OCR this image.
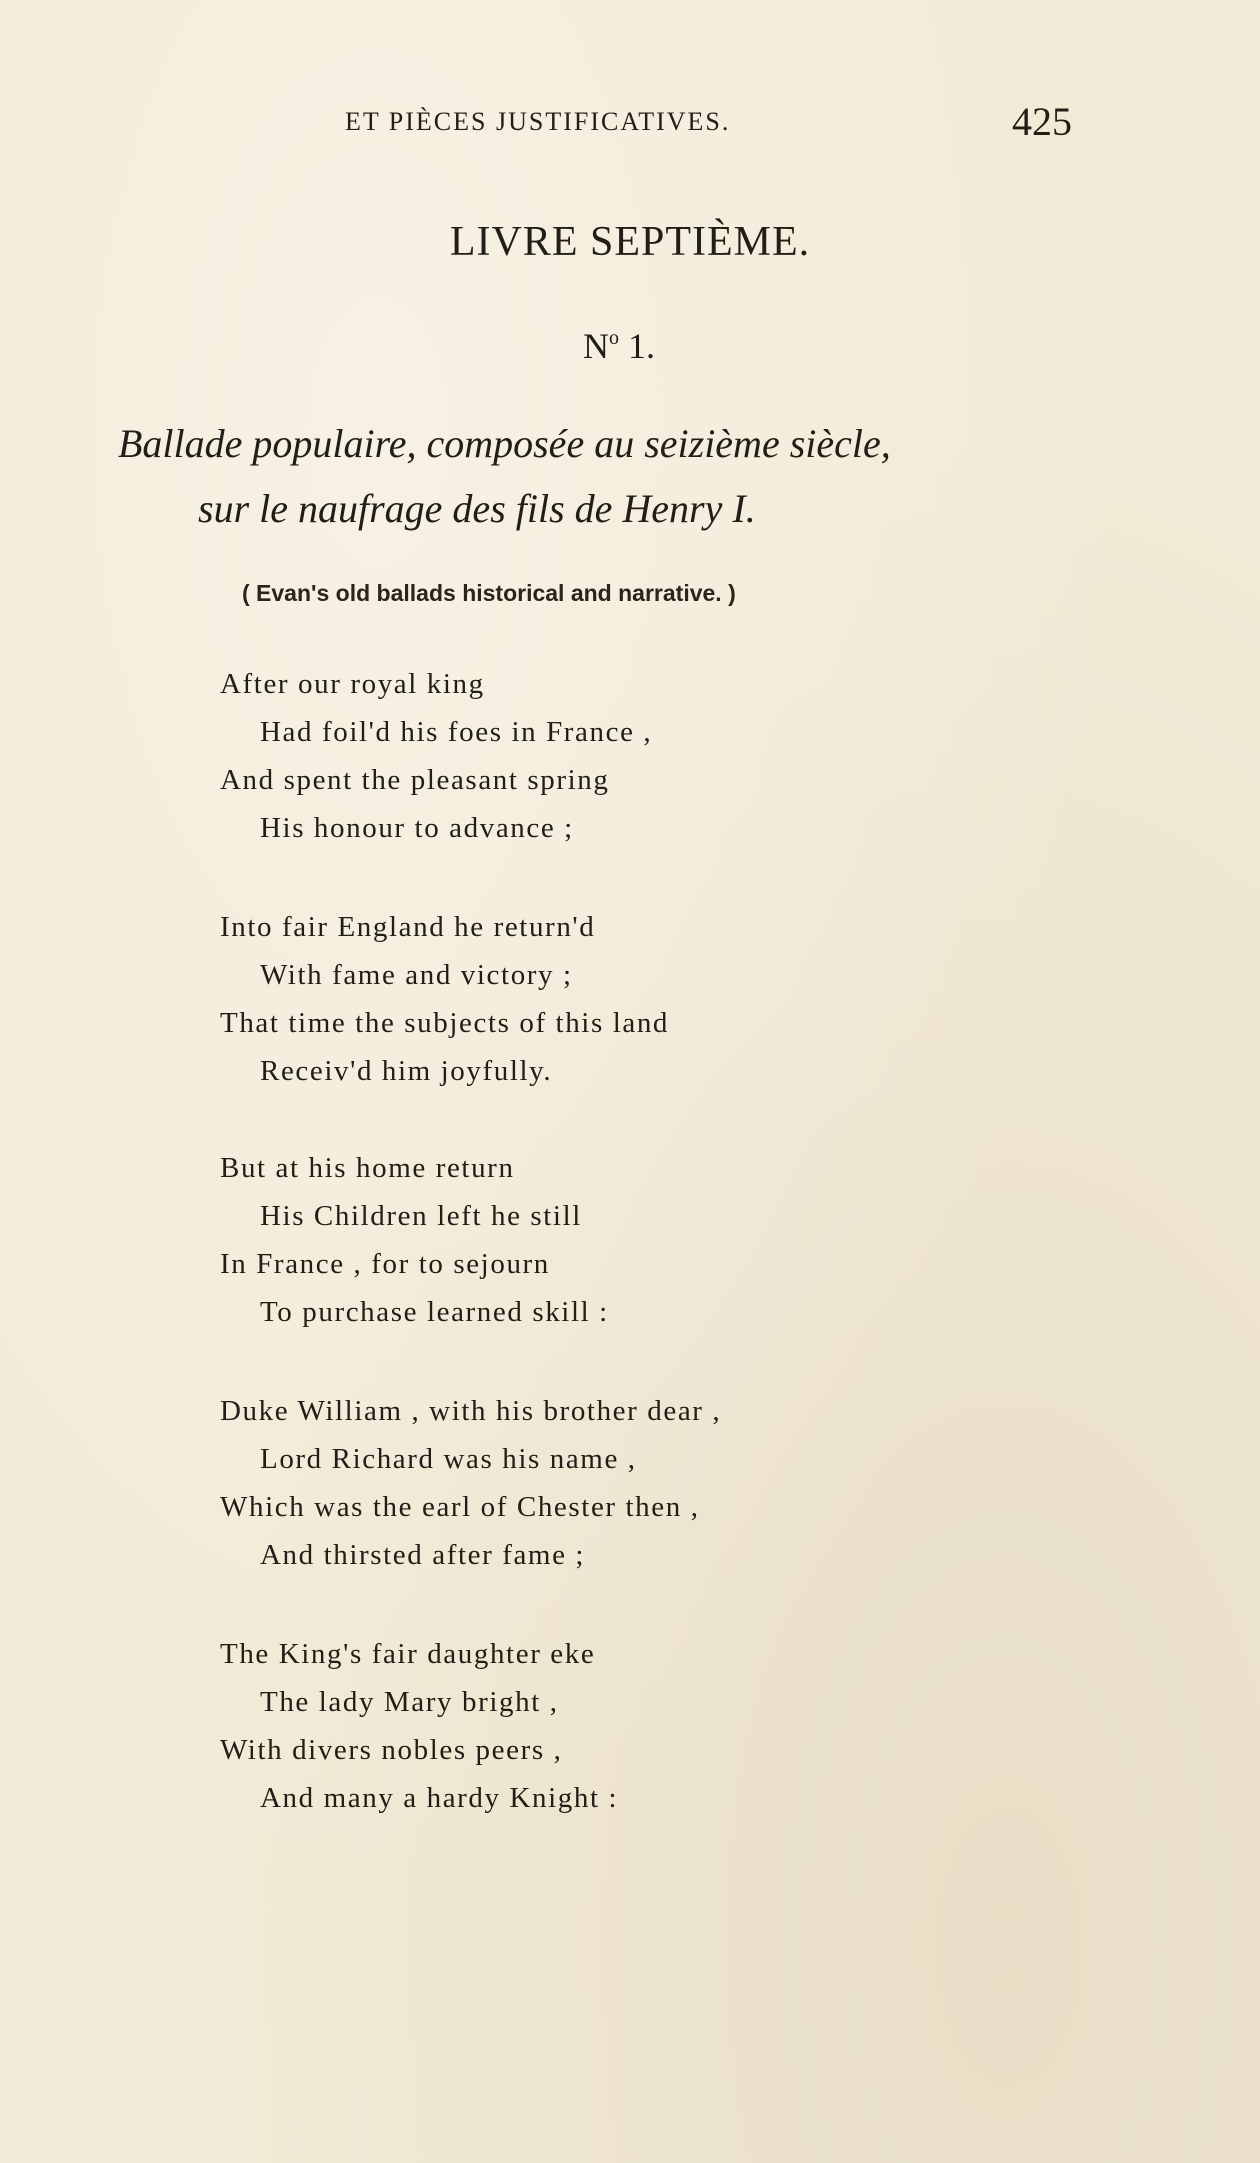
ET PIÈCES JUSTIFICATIVES.	425
LIVRE SEPTIÈME.
$N^o$ 1.
Ballade populaire, composée au seizième siècle,
sur le naufrage des fils de Henry I.
( Evan's old ballads historical and narrative. )
After our royal king
Had foil'd his foes in France ,
And spent the pleasant spring
His honour to advance ;
Into fair England he return'd
With fame and victory ;
That time the subjects of this land
Receiv'd him joyfully.
But at his home return
His Children left he still
In France , for to sejourn
To purchase learned skill :
Duke William , with his brother dear ,
Lord Richard was his name ,
Which was the earl of Chester then ,
And thirsted after fame ;
The King's fair daughter eke
The lady Mary bright ,
With divers nobles peers ,
And many a hardy Knight :
